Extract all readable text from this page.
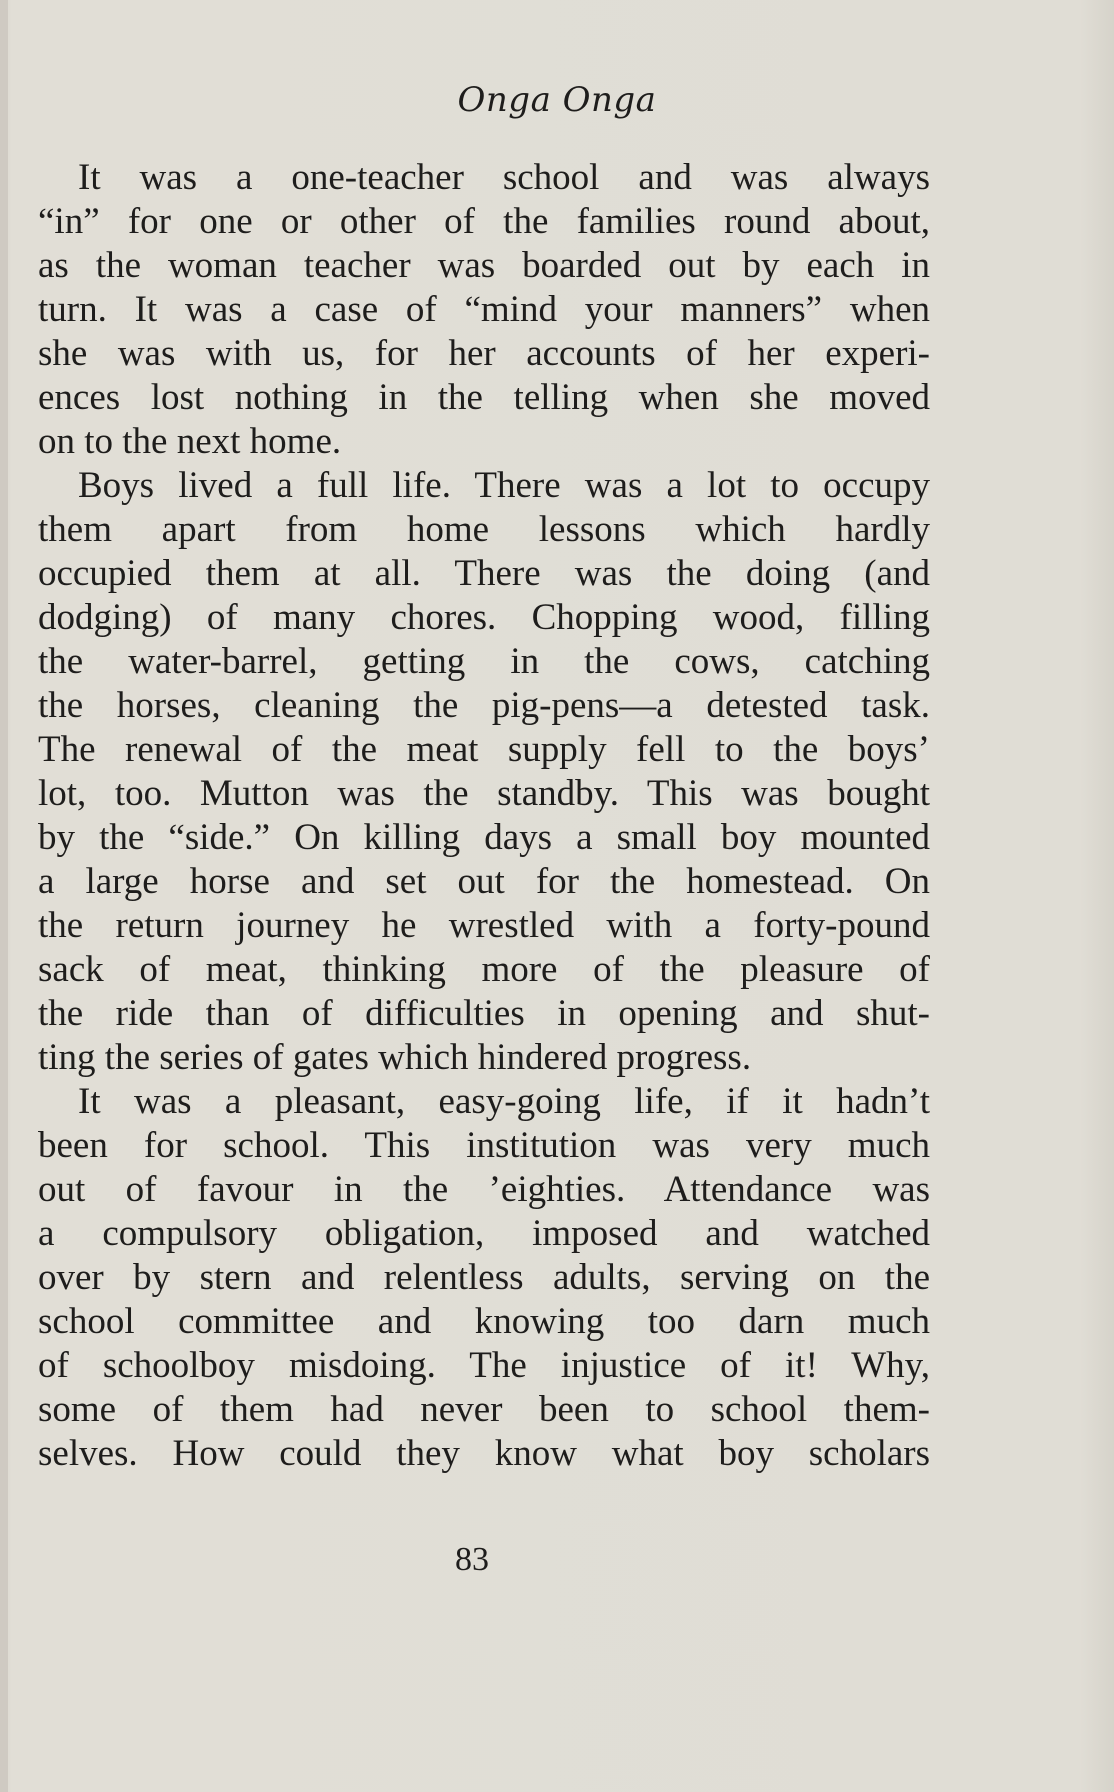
Onga Onga
It was a one-teacher school and was always
“in” for one or other of the families round about,
as the woman teacher was boarded out by each in
turn. It was a case of “mind your manners” when
she was with us, for her accounts of her experi-
ences lost nothing in the telling when she moved
on to the next home.
Boys lived a full life. There was a lot to occupy
them apart from home lessons which hardly
occupied them at all. There was the doing (and
dodging) of many chores. Chopping wood, filling
the water-barrel, getting in the cows, catching
the horses, cleaning the pig-pens—a detested task.
The renewal of the meat supply fell to the boys’
lot, too. Mutton was the standby. This was bought
by the “side.” On killing days a small boy mounted
a large horse and set out for the homestead. On
the return journey he wrestled with a forty-pound
sack of meat, thinking more of the pleasure of
the ride than of difficulties in opening and shut-
ting the series of gates which hindered progress.
It was a pleasant, easy-going life, if it hadn’t
been for school. This institution was very much
out of favour in the ’eighties. Attendance was
a compulsory obligation, imposed and watched
over by stern and relentless adults, serving on the
school committee and knowing too darn much
of schoolboy misdoing. The injustice of it! Why,
some of them had never been to school them-
selves. How could they know what boy scholars
83
